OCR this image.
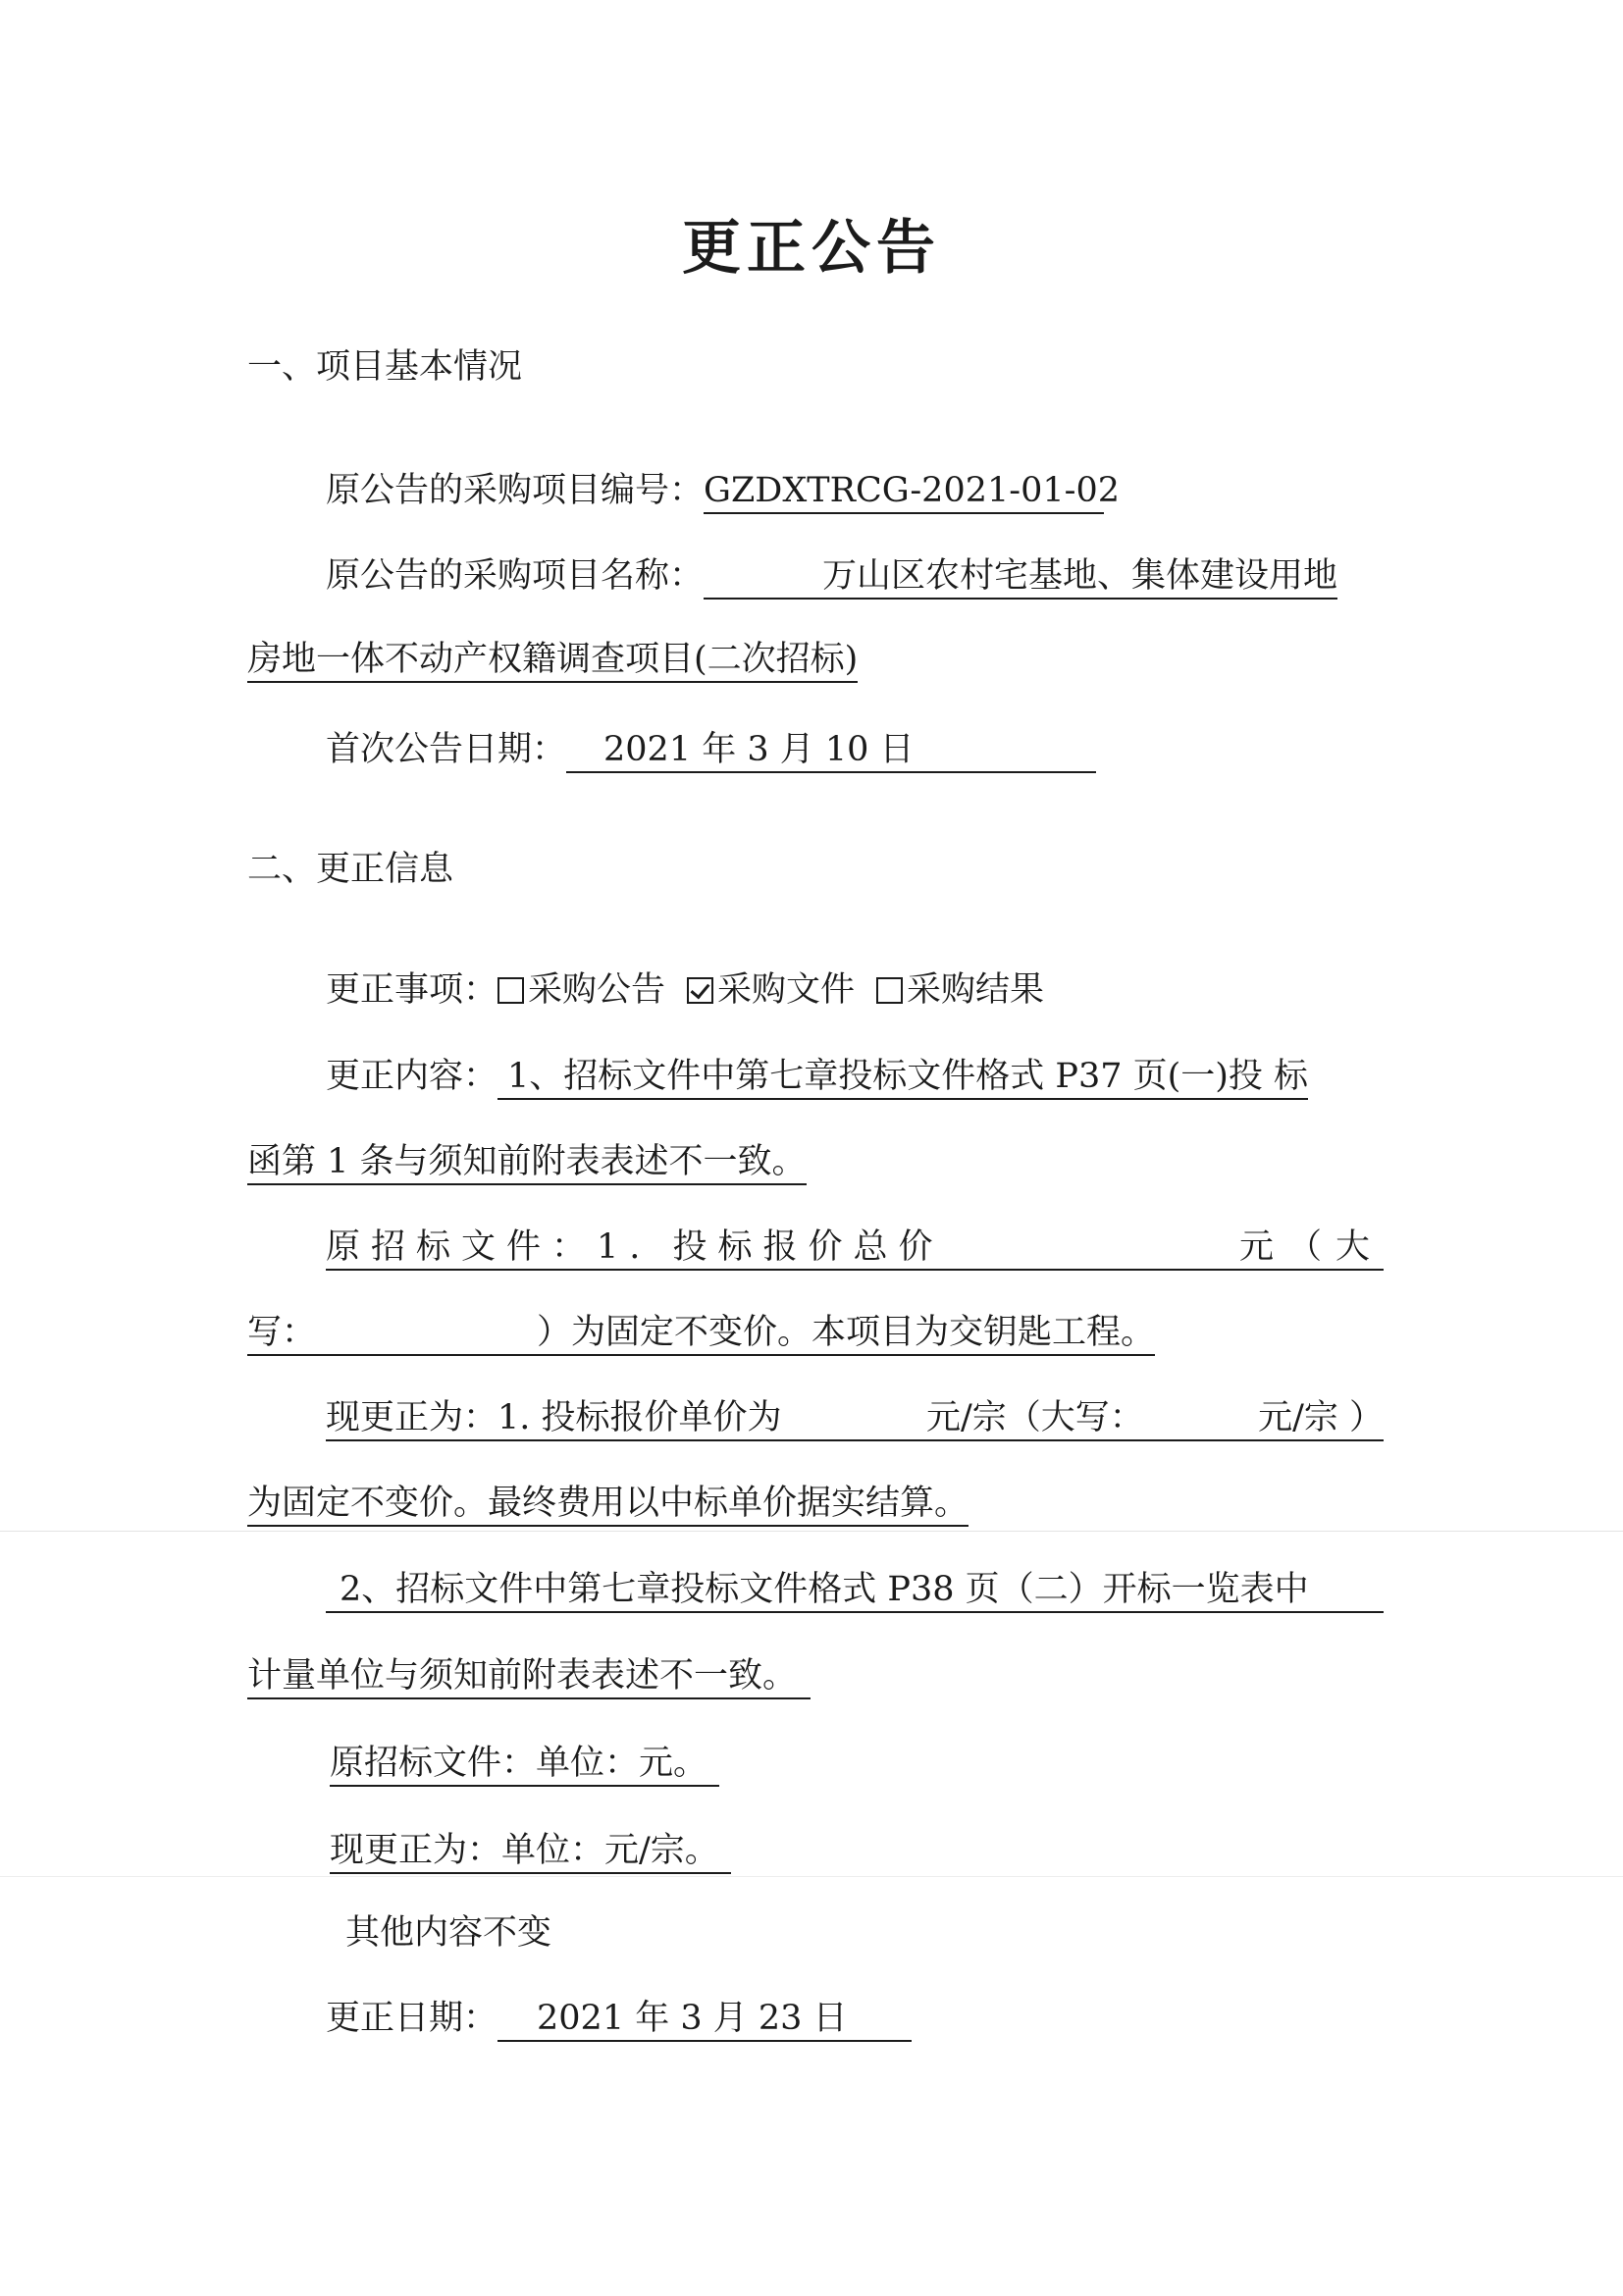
更正公告
一、项目基本情况
原公告的采购项目编号：GZDXTRCG-2021-01-02
原公告的采购项目名称：	万山区农村宅基地、集体建设用地
房地一体不动产权籍调查项目(二次招标)
首次公告日期： 2021 年 3 月 10 日
二、更正信息
更正事项： 采购公告 采购文件 采购结果
更正内容： 1、招标文件中第七章投标文件格式 P37 页(一)投 标
函第 1 条与须知前附表表述不一致。
原招标文件：1. 投标报价总价	元（大
写：	）为固定不变价。本项目为交钥匙工程。
现更正为：1. 投标报价单价为	元/宗（大写：	元/宗 ）
为固定不变价。最终费用以中标单价据实结算。
2、招标文件中第七章投标文件格式 P38 页（二）开标一览表中
计量单位与须知前附表表述不一致。
原招标文件：单位：元。
现更正为：单位：元/宗。
其他内容不变
更正日期： 2021 年 3 月 23 日
